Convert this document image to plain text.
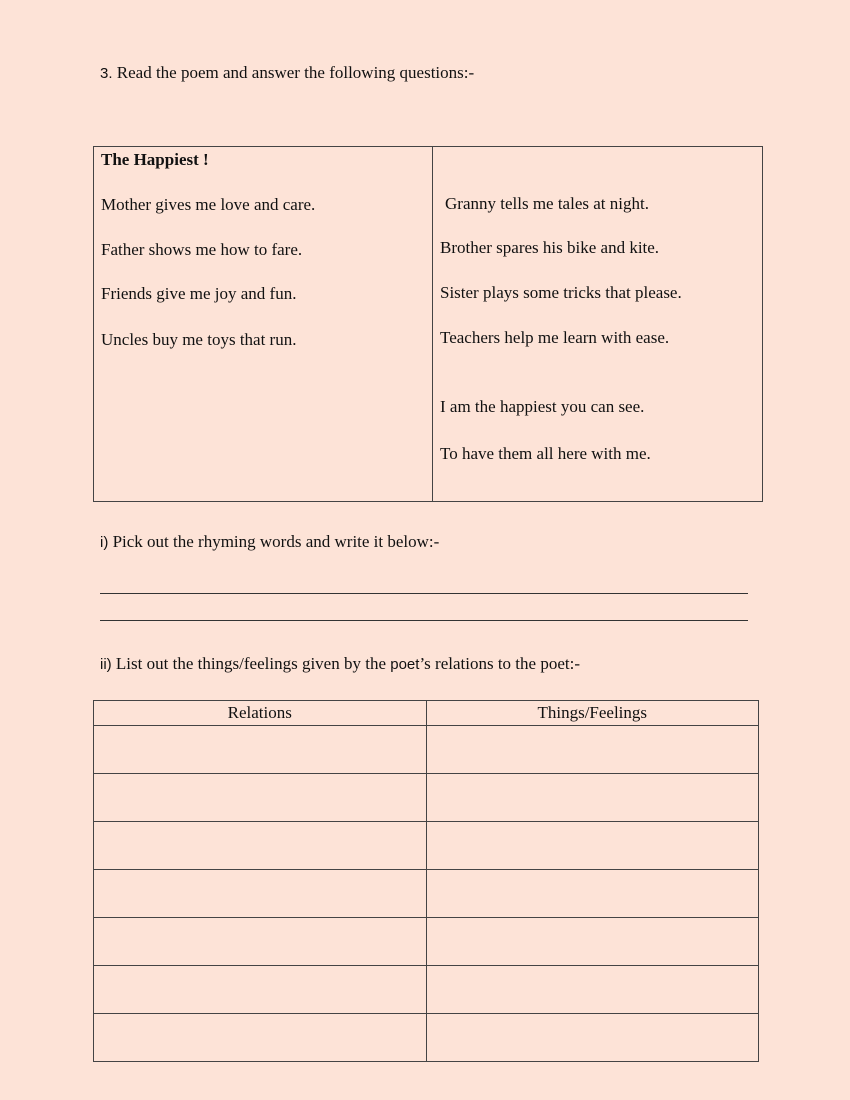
3. Read the poem and answer the following questions:-
The Happiest !
Mother gives me love and care.
Father shows me how to fare.
Friends give me joy and fun.
Uncles buy me toys that run.
Granny tells me tales at night.
Brother spares his bike and kite.
Sister plays some tricks that please.
Teachers help me learn with ease.
I am the happiest you can see.
To have them all here with me.
i) Pick out the rhyming words and write it below:-
ii) List out the things/feelings given by the poet’s relations to the poet:-
Relations	Things/Feelings
